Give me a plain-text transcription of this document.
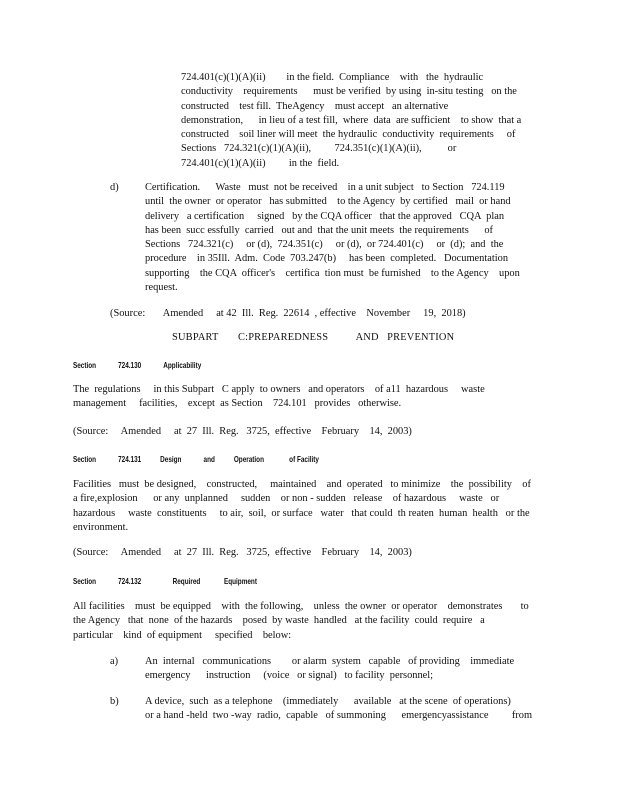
724.401(c)(1)(A)(ii)        in the field.  Compliance    with   the  hydraulic
conductivity    requirements      must be verified  by using  in-situ testing   on the
constructed    test fill.  TheAgency    must accept   an alternative
demonstration,      in lieu of a test fill,  where  data  are sufficient    to show  that a
constructed    soil liner will meet  the hydraulic  conductivity  requirements     of
Sections   724.321(c)(1)(A)(ii),         724.351(c)(1)(A)(ii),          or
724.401(c)(1)(A)(ii)         in the  field.
d)	Certification.      Waste   must  not be received    in a unit subject   to Section   724.119
until  the owner  or operator   has submitted    to the Agency  by certified   mail  or hand
delivery   a certification     signed   by the CQA officer   that the approved   CQA  plan
has been  succ essfully  carried   out and  that the unit meets  the requirements      of
Sections   724.321(c)     or (d),  724.351(c)     or (d),  or 724.401(c)     or  (d);  and  the
procedure    in 35Ill.  Adm.  Code  703.247(b)     has been  completed.   Documentation
supporting    the CQA  officer's    certifica  tion must  be furnished    to the Agency    upon
request.
(Source:       Amended     at 42  Ill.  Reg.  22614  , effective    November     19,  2018)
SUBPART       C:PREPAREDNESS          AND   PREVENTION
Section	724.130	Applicability
The  regulations     in this Subpart   C apply  to owners   and operators    of a11  hazardous     waste
management     facilities,    except  as Section    724.101   provides   otherwise.
(Source:     Amended     at  27  Ill.  Reg.   3725,  effective    February    14,  2003)
Section	724.131 Design	and Operation	of Facility
Facilities   must  be designed,    constructed,     maintained    and  operated   to minimize    the  possibility    of
a fire,explosion      or any  unplanned     sudden    or non - sudden   release    of hazardous     waste   or
hazardous     waste  constituents     to air,  soil,  or surface   water   that could  th reaten  human  health   or the
environment.
(Source:     Amended     at  27  Ill.  Reg.   3725,  effective    February    14,  2003)
Section	724.132	Required	Equipment
All facilities    must  be equipped    with  the following,    unless  the owner  or operator    demonstrates       to
the Agency   that  none  of the hazards    posed  by waste  handled   at the facility  could  require   a
particular    kind  of equipment     specified    below:
a)	An  internal   communications        or alarm  system   capable   of providing    immediate
emergency      instruction     (voice   or signal)   to facility  personnel;
b)	A device,  such  as a telephone    (immediately      available   at the scene  of operations)
or a hand -held  two -way  radio,  capable   of summoning      emergencyassistance         from
